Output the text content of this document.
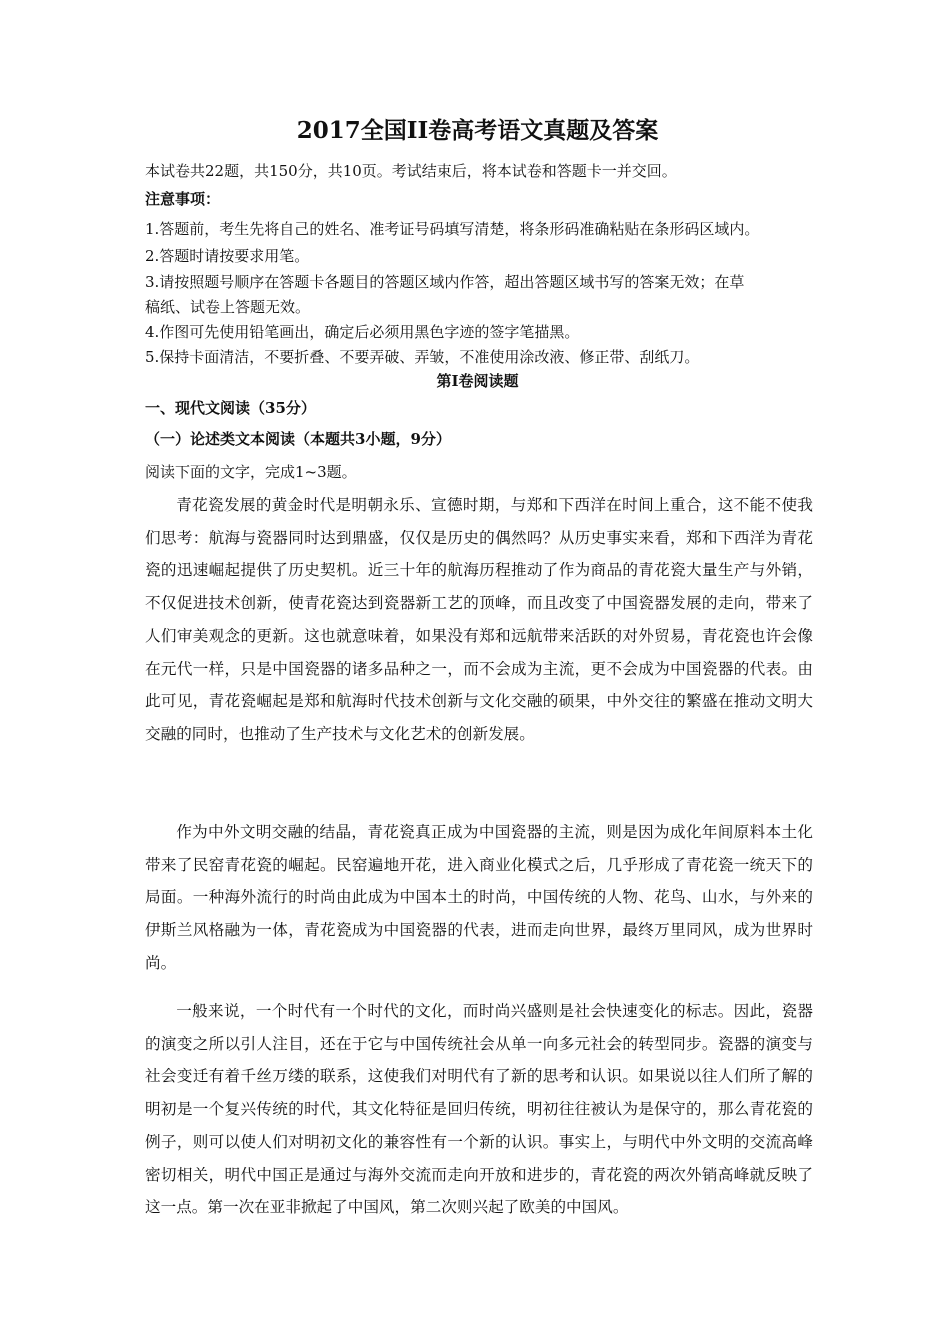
2017全国II卷高考语文真题及答案
本试卷共22题，共150分，共10页。考试结束后，将本试卷和答题卡一并交回。
注意事项：
1.答题前，考生先将自己的姓名、准考证号码填写清楚，将条形码准确粘贴在条形码区域内。
2.答题时请按要求用笔。
3.请按照题号顺序在答题卡各题目的答题区域内作答，超出答题区域书写的答案无效；在草
稿纸、试卷上答题无效。
4.作图可先使用铅笔画出，确定后必须用黑色字迹的签字笔描黑。
5.保持卡面清洁，不要折叠、不要弄破、弄皱，不准使用涂改液、修正带、刮纸刀。
第Ⅰ卷阅读题
一、现代文阅读（35分）
（一）论述类文本阅读（本题共3小题，9分）
阅读下面的文字，完成1~3题。

青花瓷发展的黄金时代是明朝永乐、宣德时期，与郑和下西洋在时间上重合，这不能不使我们思考：航海与瓷器同时达到鼎盛，仅仅是历史的偶然吗？从历史事实来看，郑和下西洋为青花瓷的迅速崛起提供了历史契机。近三十年的航海历程推动了作为商品的青花瓷大量生产与外销，不仅促进技术创新，使青花瓷达到瓷器新工艺的顶峰，而且改变了中国瓷器发展的走向，带来了人们审美观念的更新。这也就意味着，如果没有郑和远航带来活跃的对外贸易，青花瓷也许会像在元代一样，只是中国瓷器的诸多品种之一，而不会成为主流，更不会成为中国瓷器的代表。由此可见，青花瓷崛起是郑和航海时代技术创新与文化交融的硕果，中外交往的繁盛在推动文明大交融的同时，也推动了生产技术与文化艺术的创新发展。

作为中外文明交融的结晶，青花瓷真正成为中国瓷器的主流，则是因为成化年间原料本土化带来了民窑青花瓷的崛起。民窑遍地开花，进入商业化模式之后，几乎形成了青花瓷一统天下的局面。一种海外流行的时尚由此成为中国本土的时尚，中国传统的人物、花鸟、山水，与外来的伊斯兰风格融为一体，青花瓷成为中国瓷器的代表，进而走向世界，最终万里同风，成为世界时尚。

一般来说，一个时代有一个时代的文化，而时尚兴盛则是社会快速变化的标志。因此，瓷器的演变之所以引人注目，还在于它与中国传统社会从单一向多元社会的转型同步。瓷器的演变与社会变迁有着千丝万缕的联系，这使我们对明代有了新的思考和认识。如果说以往人们所了解的明初是一个复兴传统的时代，其文化特征是回归传统，明初往往被认为是保守的，那么青花瓷的例子，则可以使人们对明初文化的兼容性有一个新的认识。事实上，与明代中外文明的交流高峰密切相关，明代中国正是通过与海外交流而走向开放和进步的，青花瓷的两次外销高峰就反映了这一点。第一次在亚非掀起了中国风，第二次则兴起了欧美的中国风。
